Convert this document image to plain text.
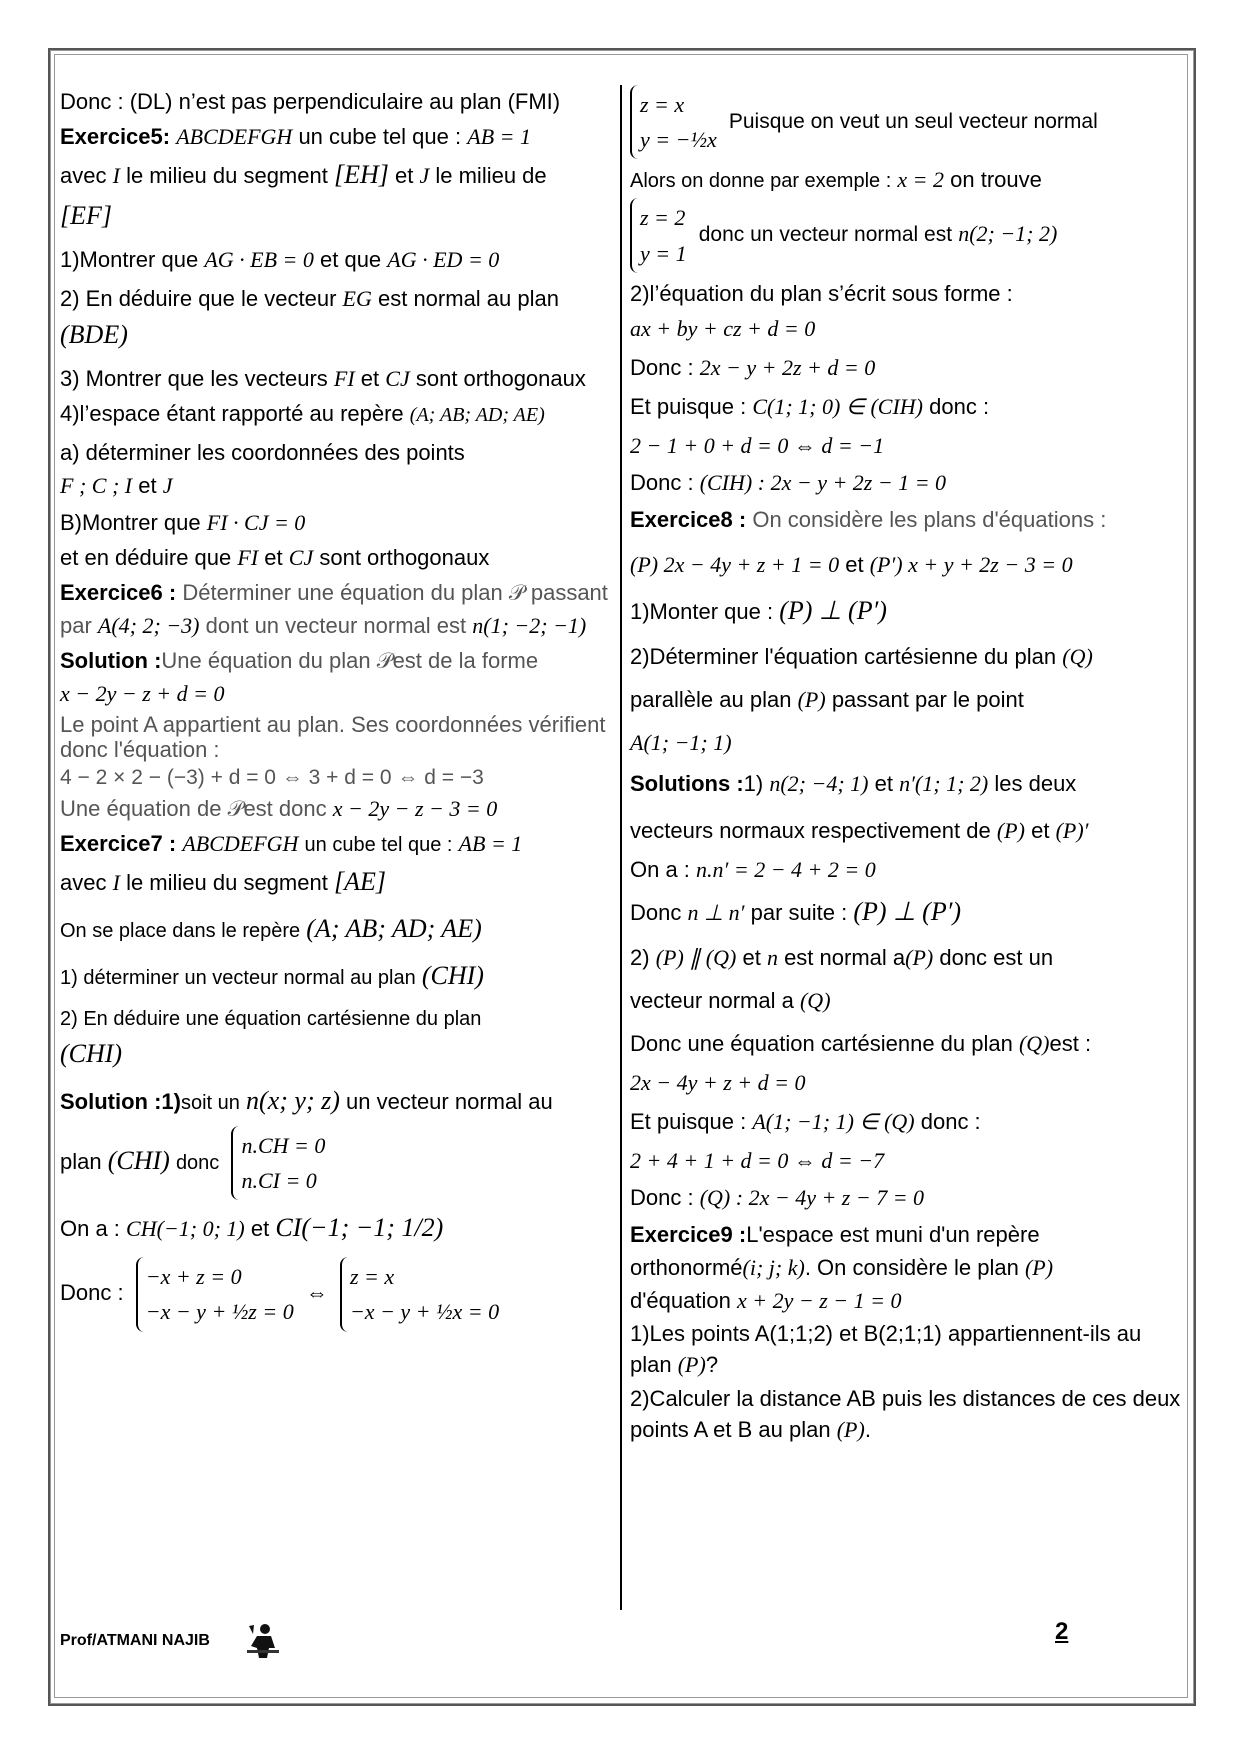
Donc : (DL) n’est pas perpendiculaire au plan (FMI)
Exercice5: ABCDEFGH un cube tel que : AB = 1
avec I le milieu du segment [EH] et J le milieu de
[EF]
1)Montrer que AG · EB = 0 et que AG · ED = 0
2) En déduire que le vecteur EG est normal au plan (BDE)
3) Montrer que les vecteurs FI et CJ sont orthogonaux
4)l’espace étant rapporté au repère (A; AB; AD; AE)
a) déterminer les coordonnées des points
F ; C ; I et J
B)Montrer que FI · CJ = 0
et en déduire que FI et CJ sont orthogonaux
Exercice6 : Déterminer une équation du plan 𝒫 passant par A(4; 2; −3) dont un vecteur normal est n(1; −2; −1)
Solution :Une équation du plan 𝒫est de la forme
x − 2y − z + d = 0
Le point A appartient au plan. Ses coordonnées vérifient donc l'équation :
4 − 2 × 2 − (−3) + d = 0 ⇔ 3 + d = 0 ⇔ d = −3
Une équation de 𝒫est donc x − 2y − z − 3 = 0
Exercice7 : ABCDEFGH un cube tel que : AB = 1
avec I le milieu du segment [AE]
On se place dans le repère (A; AB; AD; AE)
1) déterminer un vecteur normal au plan (CHI)
2) En déduire une équation cartésienne du plan
(CHI)
Solution :1)soit un n(x; y; z) un vecteur normal au
plan (CHI) donc
n.CH = 0
n.CI = 0
On a : CH(−1; 0; 1) et CI(−1; −1; 1/2)
Donc :
−x + z = 0
−x − y + ½z = 0
⇔
z = x
−x − y + ½x = 0
z = x
y = −½x
Puisque on veut un seul vecteur normal
Alors on donne par exemple : x = 2 on trouve
z = 2
y = 1
donc un vecteur normal est n(2; −1; 2)
2)l’équation du plan s’écrit sous forme :
ax + by + cz + d = 0
Donc : 2x − y + 2z + d = 0
Et puisque : C(1; 1; 0) ∈ (CIH) donc :
2 − 1 + 0 + d = 0 ⇔ d = −1
Donc : (CIH) : 2x − y + 2z − 1 = 0
Exercice8 : On considère les plans d'équations :
(P) 2x − 4y + z + 1 = 0 et (P′) x + y + 2z − 3 = 0
1)Monter que : (P) ⊥ (P′)
2)Déterminer l'équation cartésienne du plan (Q)
parallèle au plan (P) passant par le point
A(1; −1; 1)
Solutions :1) n(2; −4; 1) et n′(1; 1; 2) les deux
vecteurs normaux respectivement de (P) et (P)′
On a : n.n′ = 2 − 4 + 2 = 0
Donc n ⊥ n′ par suite : (P) ⊥ (P′)
2) (P) ∥ (Q) et n est normal a(P) donc est un
vecteur normal a (Q)
Donc une équation cartésienne du plan (Q)est :
2x − 4y + z + d = 0
Et puisque : A(1; −1; 1) ∈ (Q) donc :
2 + 4 + 1 + d = 0 ⇔ d = −7
Donc : (Q) : 2x − 4y + z − 7 = 0
Exercice9 :L'espace est muni d'un repère
orthonormé(i; j; k). On considère le plan (P)
d'équation x + 2y − z − 1 = 0
1)Les points A(1;1;2) et B(2;1;1) appartiennent-ils au plan (P)?
2)Calculer la distance AB puis les distances de ces deux points A et B au plan (P).
Prof/ATMANI NAJIB	2
